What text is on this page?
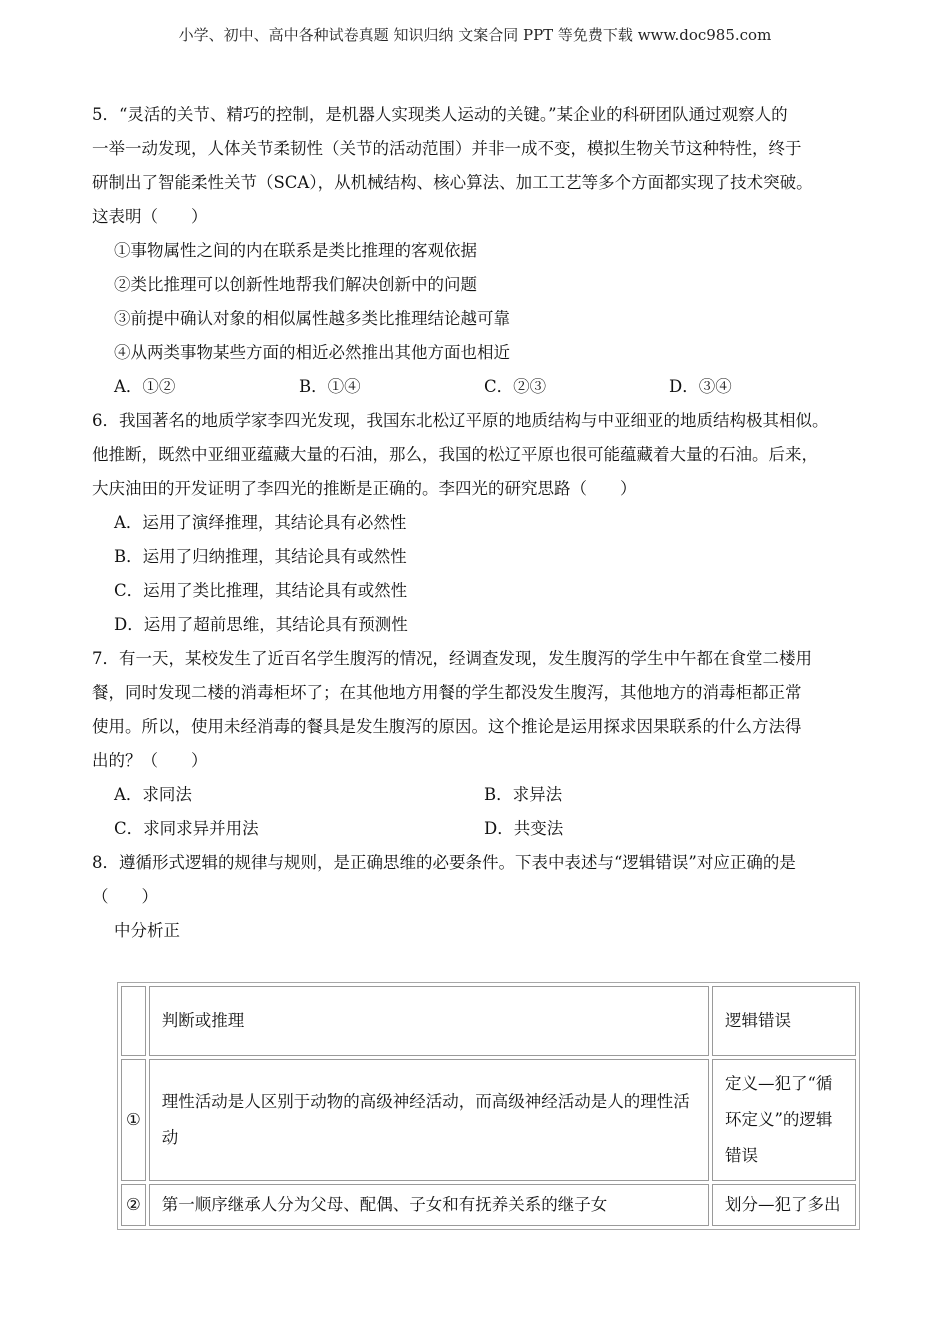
小学、初中、高中各种试卷真题 知识归纳 文案合同 PPT 等免费下载 www.doc985.com
5．“灵活的关节、精巧的控制，是机器人实现类人运动的关键。”某企业的科研团队通过观察人的
一举一动发现，人体关节柔韧性（关节的活动范围）并非一成不变，模拟生物关节这种特性，终于
研制出了智能柔性关节（SCA），从机械结构、核心算法、加工工艺等多个方面都实现了技术突破。
这表明（　　）
①事物属性之间的内在联系是类比推理的客观依据
②类比推理可以创新性地帮我们解决创新中的问题
③前提中确认对象的相似属性越多类比推理结论越可靠
④从两类事物某些方面的相近必然推出其他方面也相近
A．①②	B．①④	C．②③	D．③④
6．我国著名的地质学家李四光发现，我国东北松辽平原的地质结构与中亚细亚的地质结构极其相似。
他推断，既然中亚细亚蕴藏大量的石油，那么，我国的松辽平原也很可能蕴藏着大量的石油。后来，
大庆油田的开发证明了李四光的推断是正确的。李四光的研究思路（　　）
A．运用了演绎推理，其结论具有必然性
B．运用了归纳推理，其结论具有或然性
C．运用了类比推理，其结论具有或然性
D．运用了超前思维，其结论具有预测性
7．有一天，某校发生了近百名学生腹泻的情况，经调查发现，发生腹泻的学生中午都在食堂二楼用
餐，同时发现二楼的消毒柜坏了；在其他地方用餐的学生都没发生腹泻，其他地方的消毒柜都正常
使用。所以，使用未经消毒的餐具是发生腹泻的原因。这个推论是运用探求因果联系的什么方法得
出的？（　　）
A．求同法	B．求异法
C．求同求异并用法	D．共变法
8．遵循形式逻辑的规律与规则，是正确思维的必要条件。下表中表述与“逻辑错误”对应正确的是
（　　）
中分析正
	判断或推理	逻辑错误
①	理性活动是人区别于动物的高级神经活动，而高级神经活动是人的理性活动	定义—犯了“循环定义”的逻辑错误
②	第一顺序继承人分为父母、配偶、子女和有抚养关系的继子女	划分—犯了多出
